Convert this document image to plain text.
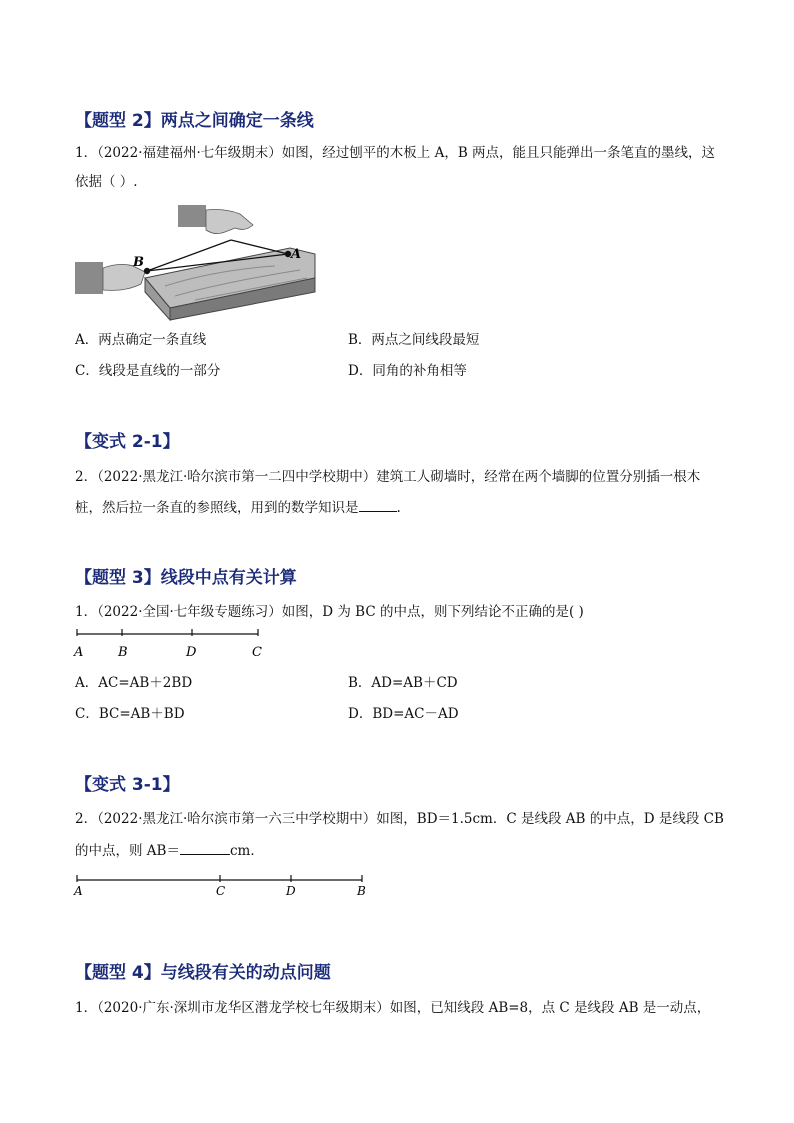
【题型 2】两点之间确定一条线
1．（2022·福建福州·七年级期末）如图，经过刨平的木板上 A，B 两点，能且只能弹出一条笔直的墨线，这
依据（ ）.
A
B
A．两点确定一条直线	B．两点之间线段最短
C．线段是直线的一部分	D．同角的补角相等
【变式 2-1】
2．（2022·黑龙江·哈尔滨市第一二四中学校期中）建筑工人砌墙时，经常在两个墙脚的位置分别插一根木
桩，然后拉一条直的参照线，用到的数学知识是	.
【题型 3】线段中点有关计算
1．（2022·全国·七年级专题练习）如图，D 为 BC 的中点，则下列结论不正确的是( )
A	B	D	C
A．AC=AB＋2BD	B．AD=AB＋CD
C．BC=AB＋BD	D．BD=AC－AD
【变式 3-1】
2．（2022·黑龙江·哈尔滨市第一六三中学校期中）如图，BD＝1.5cm．C 是线段 AB 的中点，D 是线段 CB
的中点，则 AB＝	cm．
A	C	D	B
【题型 4】与线段有关的动点问题
1．（2020·广东·深圳市龙华区潜龙学校七年级期末）如图，已知线段 AB=8，点 C 是线段 AB 是一动点，
